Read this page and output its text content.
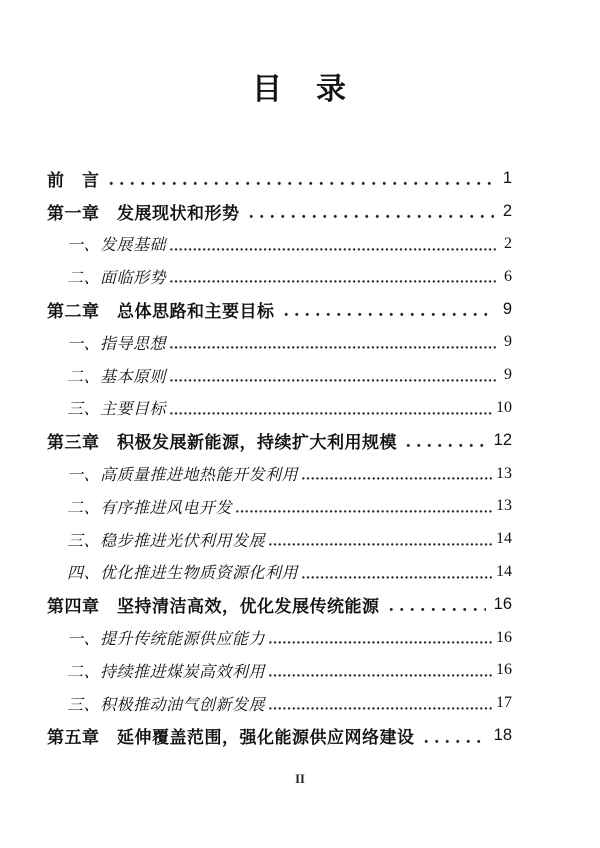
目　录
前　言	1
第一章　发展现状和形势	2
一、发展基础	2
二、面临形势	6
第二章　总体思路和主要目标	9
一、指导思想	9
二、基本原则	9
三、主要目标	10
第三章　积极发展新能源，持续扩大利用规模	12
一、高质量推进地热能开发利用	13
二、有序推进风电开发	13
三、稳步推进光伏利用发展	14
四、优化推进生物质资源化利用	14
第四章　坚持清洁高效，优化发展传统能源	16
一、提升传统能源供应能力	16
二、持续推进煤炭高效利用	16
三、积极推动油气创新发展	17
第五章　延伸覆盖范围，强化能源供应网络建设	18
II
